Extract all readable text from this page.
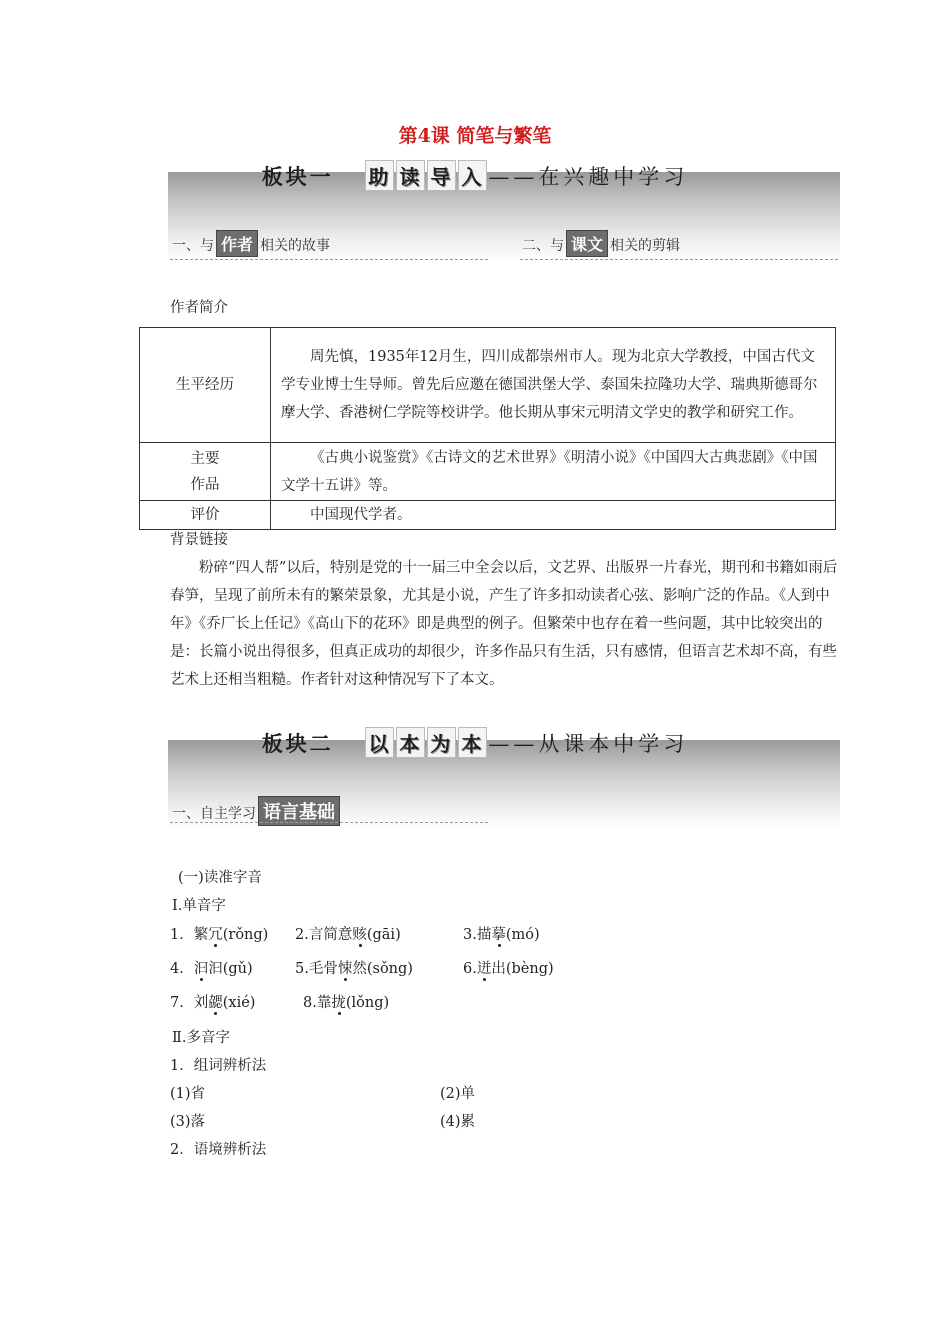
第4课 简笔与繁笔
板块一 助 读 导 入 ——在兴趣中学习
一、与 作者 相关的故事	二、与 课文 相关的剪辑
作者简介
生平经历	周先慎，1935年12月生，四川成都崇州市人。现为北京大学教授，中国古代文学专业博士生导师。曾先后应邀在德国洪堡大学、泰国朱拉隆功大学、瑞典斯德哥尔摩大学、香港树仁学院等校讲学。他长期从事宋元明清文学史的教学和研究工作。

主要
作品	《古典小说鉴赏》《古诗文的艺术世界》《明清小说》《中国四大古典悲剧》《中国文学十五讲》等。

评价	中国现代学者。
背景链接
粉碎“四人帮”以后，特别是党的十一届三中全会以后，文艺界、出版界一片春光，期刊和书籍如雨后春笋，呈现了前所未有的繁荣景象，尤其是小说，产生了许多扣动读者心弦、影响广泛的作品。《人到中年》《乔厂长上任记》《高山下的花环》即是典型的例子。但繁荣中也存在着一些问题，其中比较突出的是：长篇小说出得很多，但真正成功的却很少，许多作品只有生活，只有感情，但语言艺术却不高，有些艺术上还相当粗糙。作者针对这种情况写下了本文。
板块二 以 本 为 本 ——从课本中学习
一、自主学习 语言基础
(一)读准字音
Ⅰ.单音字
1．繁冗(rǒng) 2.言简意赅(gāi)	3.描摹(mó)
4．汩汩(gǔ)	5.毛骨悚然(sǒng)	6.迸出(bèng)
7．刘勰(xié)	8.靠拢(lǒng)
Ⅱ.多音字
1．组词辨析法
(1)省	(2)单
(3)落	(4)累
2．语境辨析法
